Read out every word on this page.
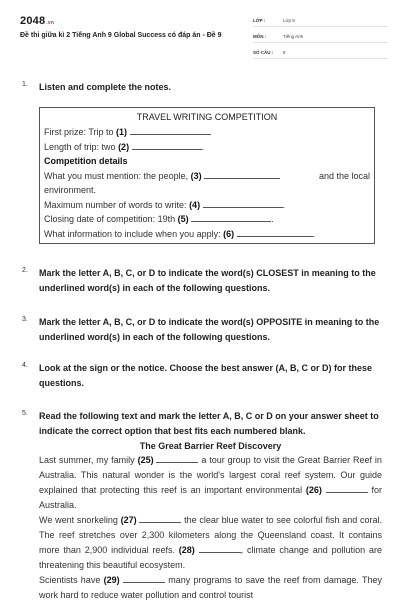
2048.vn
Đề thi giữa kì 2 Tiếng Anh 9 Global Success có đáp án - Đề 9
LỚP :	Lớp 9
MÔN :	Tiếng Anh
SỐ CÂU :	8
1. Listen and complete the notes.
TRAVEL WRITING COMPETITION
First prize: Trip to (1)	.
Length of trip: two (2)	.
Competition details
What you must mention: the people, (3)	and the local
environment.
Maximum number of words to write: (4)	.
Closing date of competition: 19th (5)	.
What information to include when you apply: (6)	.
2. Mark the letter A, B, C, or D to indicate the word(s) CLOSEST in meaning to the underlined word(s) in each of the following questions.
3. Mark the letter A, B, C, or D to indicate the word(s) OPPOSITE in meaning to the underlined word(s) in each of the following questions.
4. Look at the sign or the notice. Choose the best answer (A, B, C or D) for these questions.
5. Read the following text and mark the letter A, B, C or D on your answer sheet to indicate the correct option that best fits each numbered blank.
The Great Barrier Reef Discovery
Last summer, my family (25)	a tour group to visit the Great Barrier Reef in Australia. This natural wonder is the world's largest coral reef system. Our guide explained that protecting this reef is an important environmental (26)	for Australia.
We went snorkeling (27)	the clear blue water to see colorful fish and coral. The reef stretches over 2,300 kilometers along the Queensland coast. It contains more than 2,900 individual reefs. (28)	, climate change and pollution are threatening this beautiful ecosystem.
Scientists have (29)	many programs to save the reef from damage. They work hard to reduce water pollution and control tourist
